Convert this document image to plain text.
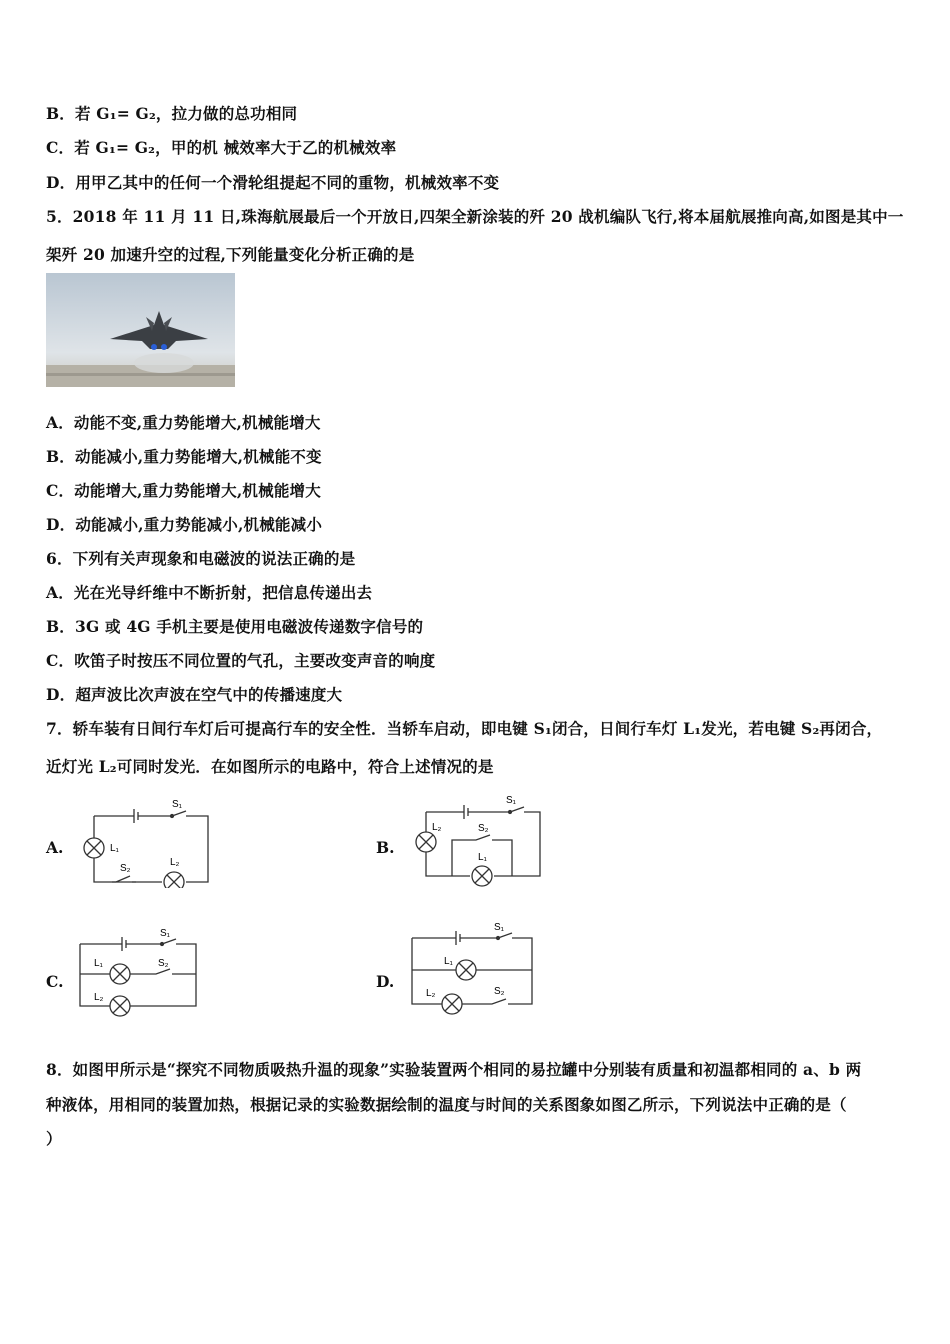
B．若 G₁= G₂，拉力做的总功相同
C．若 G₁= G₂，甲的机 械效率大于乙的机械效率
D．用甲乙其中的任何一个滑轮组提起不同的重物，机械效率不变
5．2018 年 11 月 11 日,珠海航展最后一个开放日,四架全新涂装的歼 20 战机编队飞行,将本届航展推向高,如图是其中一
架歼 20 加速升空的过程,下列能量变化分析正确的是
A．动能不变,重力势能增大,机械能增大
B．动能减小,重力势能增大,机械能不变
C．动能增大,重力势能增大,机械能增大
D．动能减小,重力势能减小,机械能减小
6．下列有关声现象和电磁波的说法正确的是
A．光在光导纤维中不断折射，把信息传递出去
B．3G 或 4G 手机主要是使用电磁波传递数字信号的
C．吹笛子时按压不同位置的气孔，主要改变声音的响度
D．超声波比次声波在空气中的传播速度大
7．轿车装有日间行车灯后可提高行车的安全性．当轿车启动，即电键 S₁闭合，日间行车灯 L₁发光，若电键 S₂再闭合，
近灯光 L₂可同时发光．在如图所示的电路中，符合上述情况的是
A.	B.
C.	D.
S₁
L₁
S₂
L₂
S₁
L₂	S₂
L₁
S₁
L₁	S₂
L₂
S₁
L₁
L₂	S₂
8．如图甲所示是“探究不同物质吸热升温的现象”实验装置两个相同的易拉罐中分别装有质量和初温都相同的 a、b 两
种液体，用相同的装置加热，根据记录的实验数据绘制的温度与时间的关系图象如图乙所示，下列说法中正确的是（
）
